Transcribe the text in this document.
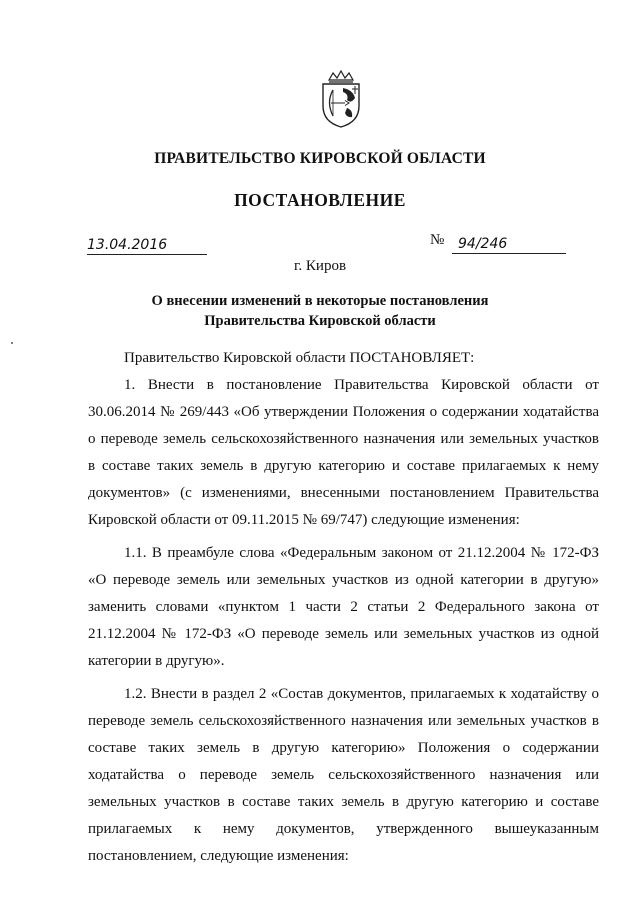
ПРАВИТЕЛЬСТВО КИРОВСКОЙ ОБЛАСТИ
ПОСТАНОВЛЕНИЕ
13.04.2016	№ 94/246
г. Киров
О внесении изменений в некоторые постановления
Правительства Кировской области

Правительство Кировской области ПОСТАНОВЛЯЕТ:

1. Внести в постановление Правительства Кировской области от 30.06.2014 № 269/443 «Об утверждении Положения о содержании ходатайства о переводе земель сельскохозяйственного назначения или земельных участков в составе таких земель в другую категорию и составе прилагаемых к нему документов» (с изменениями, внесенными постановлением Правительства Кировской области от 09.11.2015 № 69/747) следующие изменения:

1.1. В преамбуле слова «Федеральным законом от 21.12.2004 № 172-ФЗ «О переводе земель или земельных участков из одной категории в другую» заменить словами «пунктом 1 части 2 статьи 2 Федерального закона от 21.12.2004 № 172-ФЗ «О переводе земель или земельных участков из одной категории в другую».

1.2. Внести в раздел 2 «Состав документов, прилагаемых к ходатайству о переводе земель сельскохозяйственного назначения или земельных участков в составе таких земель в другую категорию» Положения о содержании ходатайства о переводе земель сельскохозяйственного назначения или земельных участков в составе таких земель в другую категорию и составе прилагаемых к нему документов, утвержденного вышеуказанным постановлением, следующие изменения:
